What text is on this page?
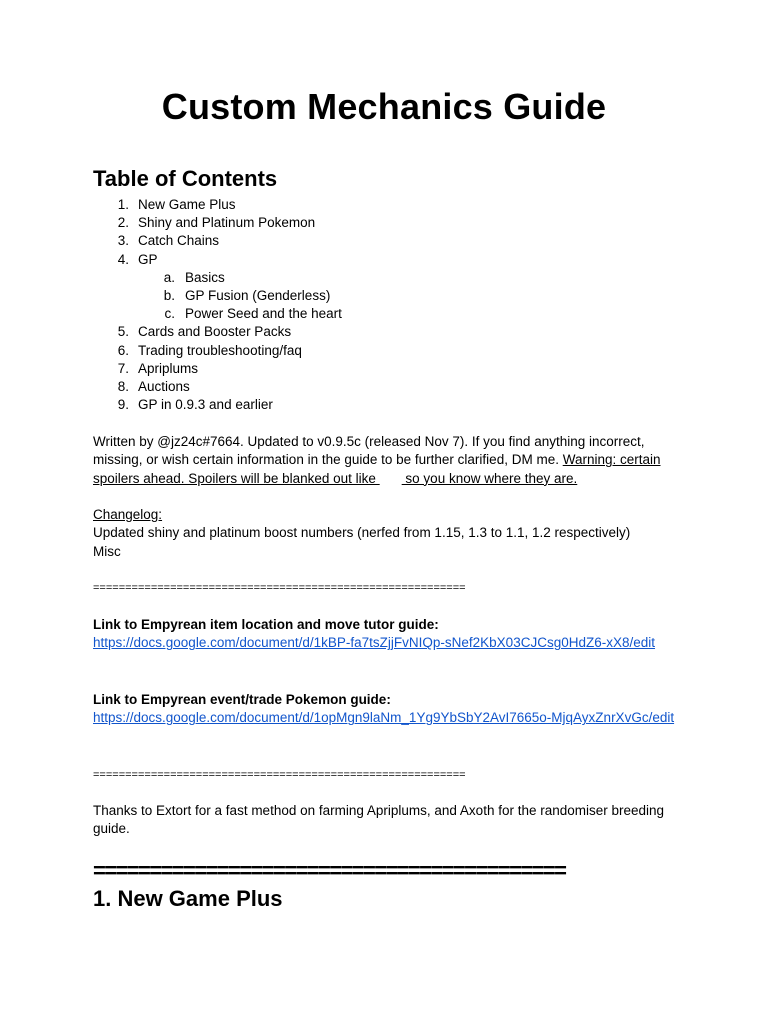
Custom Mechanics Guide
Table of Contents
1. New Game Plus
2. Shiny and Platinum Pokemon
3. Catch Chains
4. GP
a. Basics
b. GP Fusion (Genderless)
c. Power Seed and the heart
5. Cards and Booster Packs
6. Trading troubleshooting/faq
7. Apriplums
8. Auctions
9. GP in 0.9.3 and earlier
Written by @jz24c#7664. Updated to v0.9.5c (released Nov 7). If you find anything incorrect, missing, or wish certain information in the guide to be further clarified, DM me. Warning: certain spoilers ahead. Spoilers will be blanked out like  so you know where they are.
Changelog:
Updated shiny and platinum boost numbers (nerfed from 1.15, 1.3 to 1.1, 1.2 respectively)
Misc
==========================================================
Link to Empyrean item location and move tutor guide:
https://docs.google.com/document/d/1kBP-fa7tsZjjFvNIQp-sNef2KbX03CJCsg0HdZ6-xX8/edit
Link to Empyrean event/trade Pokemon guide:
https://docs.google.com/document/d/1opMgn9laNm_1Yg9YbSbY2AvI7665o-MjqAyxZnrXvGc/edit
==========================================================
Thanks to Extort for a fast method on farming Apriplums, and Axoth for the randomiser breeding guide.
==========================================
1. New Game Plus
